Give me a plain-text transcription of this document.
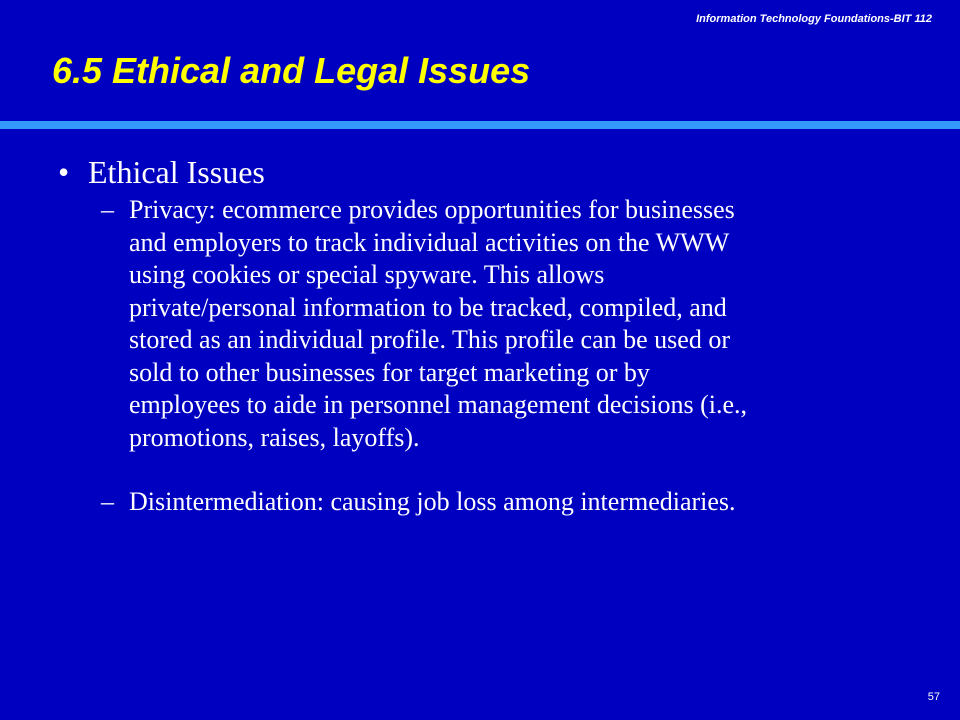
Information Technology Foundations-BIT 112
6.5 Ethical and Legal Issues
• Ethical Issues
– Privacy: ecommerce provides opportunities for businesses
and employers to track individual activities on the WWW
using cookies or special spyware. This allows
private/personal information to be tracked, compiled, and
stored as an individual profile. This profile can be used or
sold to other businesses for target marketing or by
employees to aide in personnel management decisions (i.e.,
promotions, raises, layoffs).
– Disintermediation: causing job loss among intermediaries.
57
